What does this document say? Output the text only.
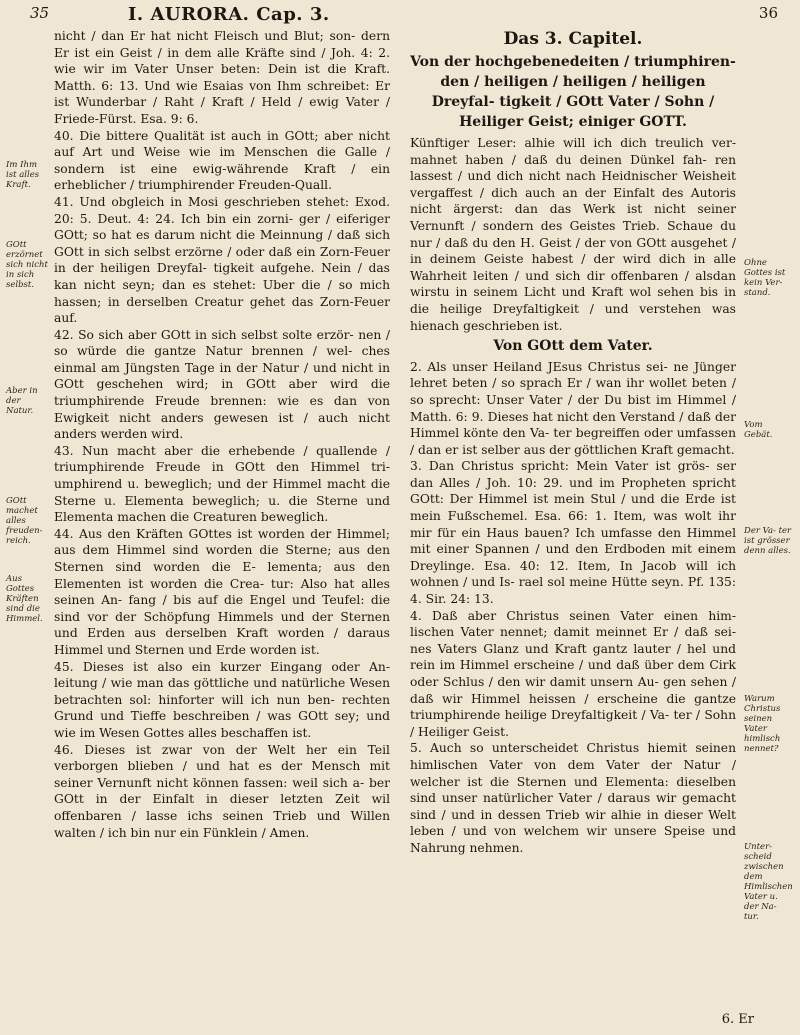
35	I. AURORA. Cap. 3.	36

nicht / dan Er hat nicht Fleisch und Blut; son- dern Er ist ein Geist / in dem alle Kräfte sind / Joh. 4: 2. wie wir im Vater Unser beten: Dein ist die Kraft. Matth. 6: 13. Und wie Esaias von Ihm schreibet: Er ist Wunderbar / Raht / Kraft / Held / ewig Vater / Friede-Fürst. Esa. 9: 6.

40. Die bittere Qualität ist auch in GOtt; aber nicht auf Art und Weise wie im Menschen die Galle / sondern ist eine ewig-währende Kraft / ein erheblicher / triumphirender Freuden-Quall.

41. Und obgleich in Mosi geschrieben stehet: Exod. 20: 5. Deut. 4: 24. Ich bin ein zorni- ger / eiferiger GOtt; so hat es darum nicht die Meinnung / daß sich GOtt in sich selbst erzörne / oder daß ein Zorn-Feuer in der heiligen Dreyfal- tigkeit aufgehe. Nein / das kan nicht seyn; dan es stehet: Uber die / so mich hassen; in derselben Creatur gehet das Zorn-Feuer auf.

42. So sich aber GOtt in sich selbst solte erzör- nen / so würde die gantze Natur brennen / wel- ches einmal am Jüngsten Tage in der Natur / und nicht in GOtt geschehen wird; in GOtt aber wird die triumphirende Freude brennen: wie es dan von Ewigkeit nicht anders gewesen ist / auch nicht anders werden wird.

43. Nun macht aber die erhebende / quallende / triumphirende Freude in GOtt den Himmel tri- umphirend u. beweglich; und der Himmel macht die Sterne u. Elementa beweglich; u. die Sterne und Elementa machen die Creaturen beweglich.

44. Aus den Kräften GOttes ist worden der Himmel; aus dem Himmel sind worden die Sterne; aus den Sternen sind worden die E- lementa; aus den Elementen ist worden die Crea- tur: Also hat alles seinen An- fang / bis auf die Engel und Teufel: die sind vor der Schöpfung Himmels und der Sternen und Erden aus derselben Kraft worden / daraus Himmel und Sternen und Erde worden ist.

45. Dieses ist also ein kurzer Eingang oder An- leitung / wie man das göttliche und natürliche Wesen betrachten sol: hinforter will ich nun ben- rechten Grund und Tieffe beschreiben / was GOtt sey; und wie im Wesen Gottes alles beschaffen ist.

46. Dieses ist zwar von der Welt her ein Teil verborgen blieben / und hat es der Mensch mit seiner Vernunft nicht können fassen: weil sich a- ber GOtt in der Einfalt in dieser letzten Zeit wil offenbaren / lasse ichs seinen Trieb und Willen walten / ich bin nur ein Fünklein / Amen.

Im Ihm ist alles Kraft.
GOtt erzörnet sich nicht in sich selbst.
Aber in der Natur.
GOtt machet alles freuden- reich.
Aus Gottes Kräften sind die Himmel.
Das 3. Capitel.
Von der hochgebenedeiten / triumphiren- den / heiligen / heiligen / heiligen Dreyfal- tigkeit / GOtt Vater / Sohn / Heiliger Geist; einiger GOTT.

Künftiger Leser: alhie will ich dich treulich ver- mahnet haben / daß du deinen Dünkel fah- ren lassest / und dich nicht nach Heidnischer Weisheit vergaffest / dich auch an der Einfalt des Autoris nicht ärgerst: dan das Werk ist nicht seiner Vernunft / sondern des Geistes Trieb. Schaue du nur / daß du den H. Geist / der von GOtt ausgehet / in deinem Geiste habest / der wird dich in alle Wahrheit leiten / und sich dir offenbaren / alsdan wirstu in seinem Licht und Kraft wol sehen bis in die heilige Dreyfaltigkeit / und verstehen was hienach geschrieben ist.

Von GOtt dem Vater.

2. Als unser Heiland JEsus Christus sei- ne Jünger lehret beten / so sprach Er / wan ihr wollet beten / so sprecht: Unser Vater / der Du bist im Himmel / Matth. 6: 9. Dieses hat nicht den Verstand / daß der Himmel könte den Va- ter begreiffen oder umfassen / dan er ist selber aus der göttlichen Kraft gemacht.

3. Dan Christus spricht: Mein Vater ist grös- ser dan Alles / Joh. 10: 29. und im Propheten spricht GOtt: Der Himmel ist mein Stul / und die Erde ist mein Fußschemel. Esa. 66: 1. Item, was wolt ihr mir für ein Haus bauen? Ich umfasse den Himmel mit einer Spannen / und den Erdboden mit einem Dreylinge. Esa. 40: 12. Item, In Jacob will ich wohnen / und Is- rael sol meine Hütte seyn. Pf. 135: 4. Sir. 24: 13.

4. Daß aber Christus seinen Vater einen him- lischen Vater nennet; damit meinnet Er / daß sei- nes Vaters Glanz und Kraft gantz lauter / hel und rein im Himmel erscheine / und daß über dem Cirk oder Schlus / den wir damit unsern Au- gen sehen / daß wir Himmel heissen / erscheine die gantze triumphirende heilige Dreyfaltigkeit / Va- ter / Sohn / Heiliger Geist.

5. Auch so unterscheidet Christus hiemit seinen himlischen Vater von dem Vater der Natur / welcher ist die Sternen und Elementa: dieselben sind unser natürlicher Vater / daraus wir gemacht sind / und in dessen Trieb wir alhie in dieser Welt leben / und von welchem wir unsere Speise und Nahrung nehmen.

Ohne Gottes ist kein Ver- stand.
Vom Gebät.
Der Va- ter ist grösser denn alles.
Warum Christus seinen Vater himlisch nennet?
Unter- scheid zwischen dem Himlischen Vater u. der Na- tur.
6. Er
